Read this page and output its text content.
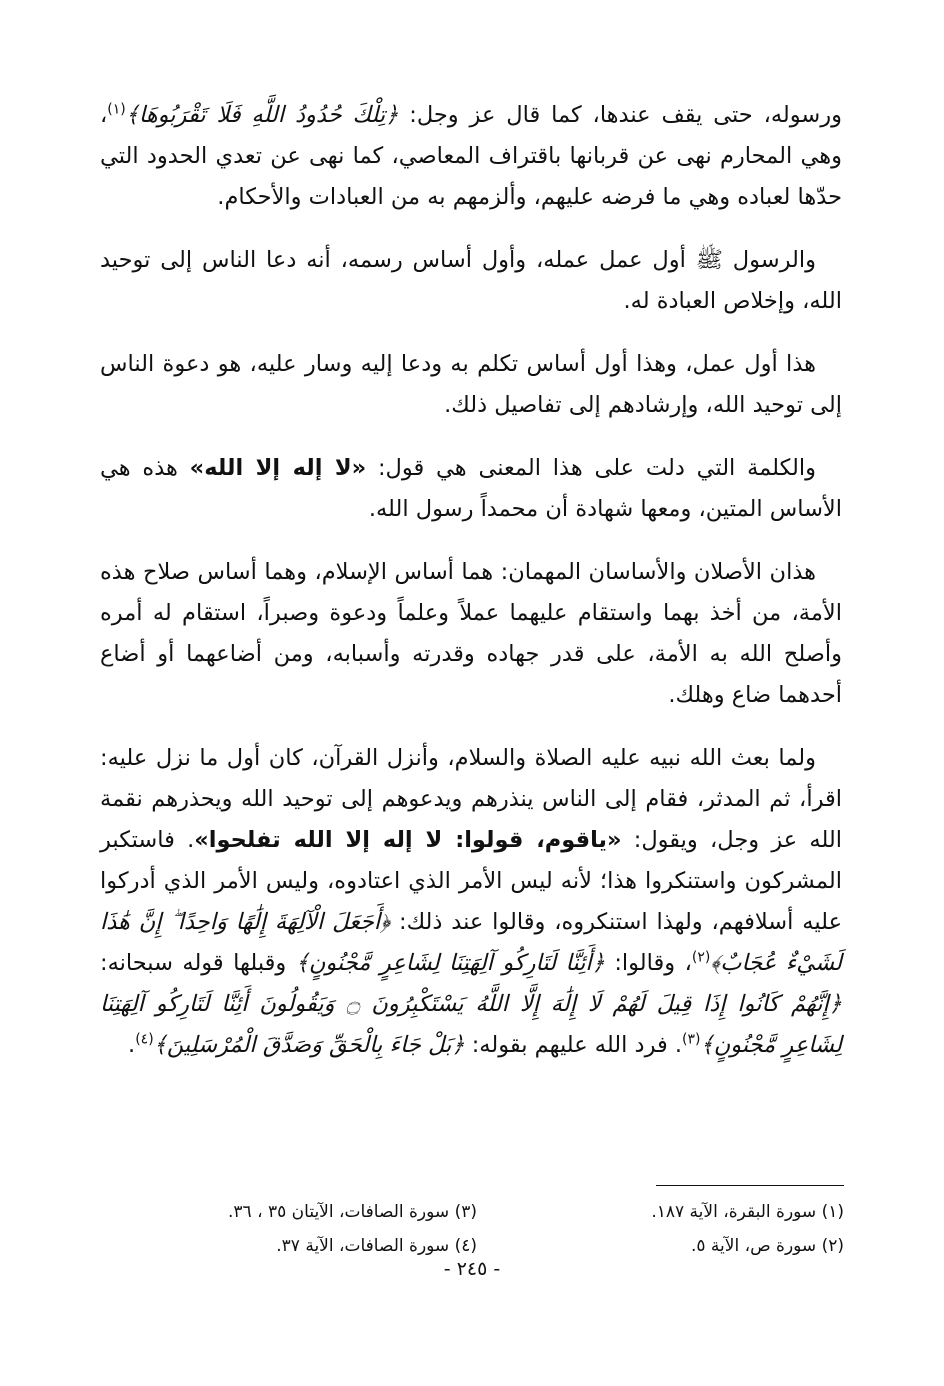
ورسوله، حتى يقف عندها، كما قال عز وجل: ﴿تِلْكَ حُدُودُ اللَّهِ فَلَا تَقْرَبُوهَا﴾$^{(١)}$، وهي المحارم نهى عن قربانها باقتراف المعاصي، كما نهى عن تعدي الحدود التي حدّها لعباده وهي ما فرضه عليهم، وألزمهم به من العبادات والأحكام.

والرسول ﷺ أول عمل عمله، وأول أساس رسمه، أنه دعا الناس إلى توحيد الله، وإخلاص العبادة له.

هذا أول عمل، وهذا أول أساس تكلم به ودعا إليه وسار عليه، هو دعوة الناس إلى توحيد الله، وإرشادهم إلى تفاصيل ذلك.

والكلمة التي دلت على هذا المعنى هي قول: «لا إله إلا الله» هذه هي الأساس المتين، ومعها شهادة أن محمداً رسول الله.

هذان الأصلان والأساسان المهمان: هما أساس الإسلام، وهما أساس صلاح هذه الأمة، من أخذ بهما واستقام عليهما عملاً وعلماً ودعوة وصبراً، استقام له أمره وأصلح الله به الأمة، على قدر جهاده وقدرته وأسبابه، ومن أضاعهما أو أضاع أحدهما ضاع وهلك.

ولما بعث الله نبيه عليه الصلاة والسلام، وأنزل القرآن، كان أول ما نزل عليه: اقرأ، ثم المدثر، فقام إلى الناس ينذرهم ويدعوهم إلى توحيد الله ويحذرهم نقمة الله عز وجل، ويقول: «ياقوم، قولوا: لا إله إلا الله تفلحوا». فاستكبر المشركون واستنكروا هذا؛ لأنه ليس الأمر الذي اعتادوه، وليس الأمر الذي أدركوا عليه أسلافهم، ولهذا استنكروه، وقالوا عند ذلك: ﴿أَجَعَلَ الْآلِهَةَ إِلَٰهًا وَاحِدًا ۖ إِنَّ هَٰذَا لَشَيْءٌ عُجَابٌ﴾$^{(٢)}$، وقالوا: ﴿أَئِنَّا لَتَارِكُو آلِهَتِنَا لِشَاعِرٍ مَّجْنُونٍ﴾ وقبلها قوله سبحانه: ﴿إِنَّهُمْ كَانُوا إِذَا قِيلَ لَهُمْ لَا إِلَٰهَ إِلَّا اللَّهُ يَسْتَكْبِرُونَ ۝ وَيَقُولُونَ أَئِنَّا لَتَارِكُو آلِهَتِنَا لِشَاعِرٍ مَّجْنُونٍ﴾$^{(٣)}$. فرد الله عليهم بقوله: ﴿بَلْ جَاءَ بِالْحَقِّ وَصَدَّقَ الْمُرْسَلِينَ﴾$^{(٤)}$.

(١) سورة البقرة، الآية ١٨٧.
(٣) سورة الصافات، الآيتان ٣٥ ، ٣٦.
(٢) سورة ص، الآية ٥.
(٤) سورة الصافات، الآية ٣٧.
- ٢٤٥ -
